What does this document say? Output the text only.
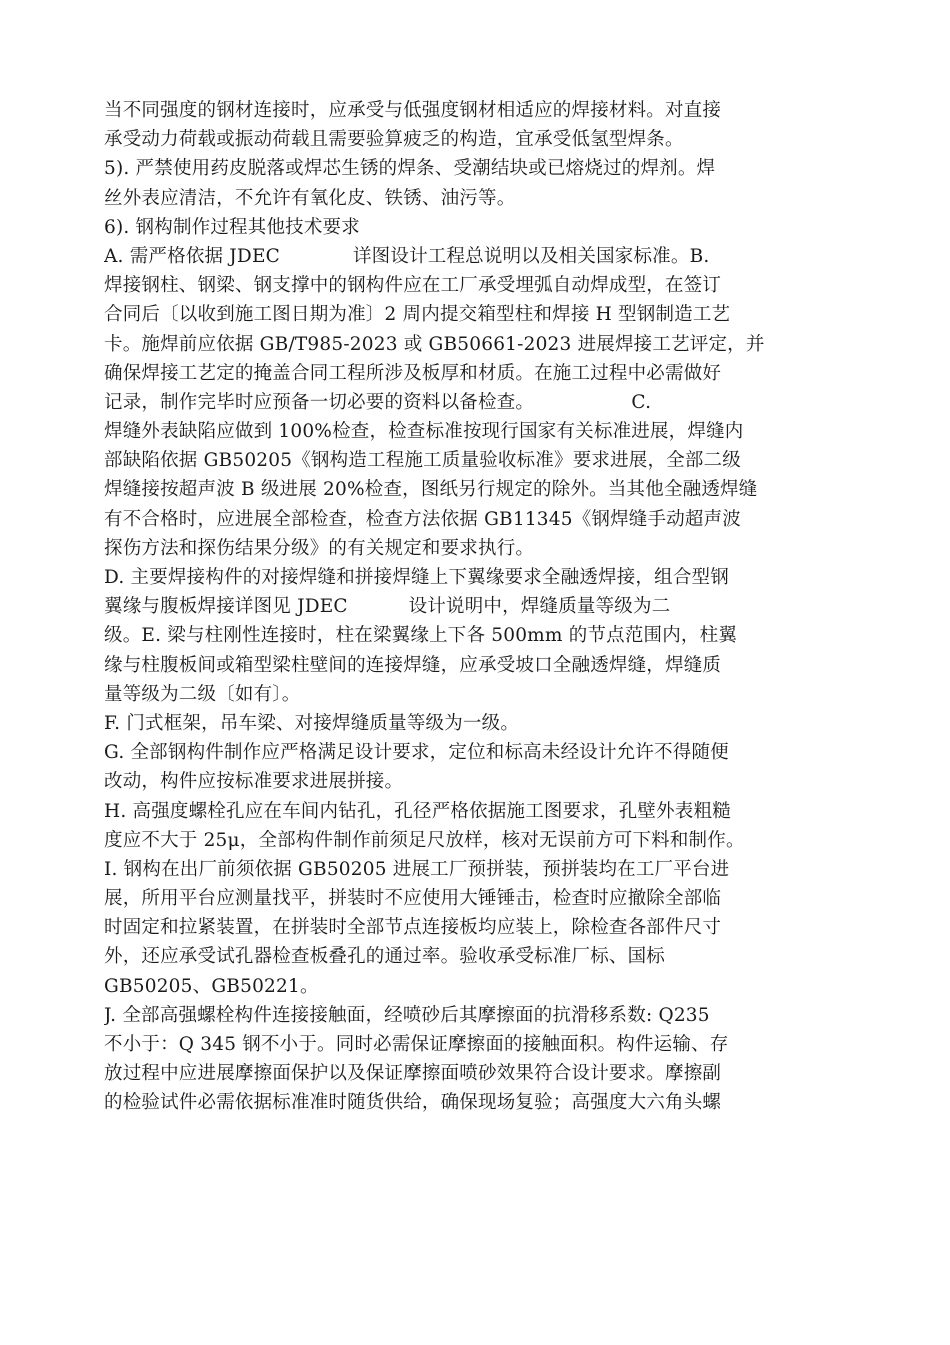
当不同强度的钢材连接时，应承受与低强度钢材相适应的焊接材料。对直接
承受动力荷载或振动荷载且需要验算疲乏的构造，宜承受低氢型焊条。
5). 严禁使用药皮脱落或焊芯生锈的焊条、受潮结块或已熔烧过的焊剂。焊
丝外表应清洁，不允许有氧化皮、铁锈、油污等。
6). 钢构制作过程其他技术要求
A. 需严格依据 JDEC            详图设计工程总说明以及相关国家标准。B.
焊接钢柱、钢梁、钢支撑中的钢构件应在工厂承受埋弧自动焊成型，在签订
合同后〔以收到施工图日期为准〕2 周内提交箱型柱和焊接 H 型钢制造工艺
卡。施焊前应依据 GB/T985-2023 或 GB50661-2023 进展焊接工艺评定，并
确保焊接工艺定的掩盖合同工程所涉及板厚和材质。在施工过程中必需做好
记录，制作完毕时应预备一切必要的资料以备检查。                C.
焊缝外表缺陷应做到 100%检查，检查标准按现行国家有关标准进展，焊缝内
部缺陷依据 GB50205《钢构造工程施工质量验收标准》要求进展，全部二级
焊缝接按超声波 B 级进展 20%检查，图纸另行规定的除外。当其他全融透焊缝
有不合格时，应进展全部检查，检查方法依据 GB11345《钢焊缝手动超声波
探伤方法和探伤结果分级》的有关规定和要求执行。
D. 主要焊接构件的对接焊缝和拼接焊缝上下翼缘要求全融透焊接，组合型钢
翼缘与腹板焊接详图见 JDEC          设计说明中，焊缝质量等级为二
级。E. 梁与柱刚性连接时，柱在梁翼缘上下各 500mm 的节点范围内，柱翼
缘与柱腹板间或箱型梁柱壁间的连接焊缝，应承受坡口全融透焊缝，焊缝质
量等级为二级〔如有〕。
F. 门式框架，吊车梁、对接焊缝质量等级为一级。
G. 全部钢构件制作应严格满足设计要求，定位和标高未经设计允许不得随便
改动，构件应按标准要求进展拼接。
H. 高强度螺栓孔应在车间内钻孔，孔径严格依据施工图要求，孔壁外表粗糙
度应不大于 25μ，全部构件制作前须足尺放样，核对无误前方可下料和制作。
I. 钢构在出厂前须依据 GB50205 进展工厂预拼装，预拼装均在工厂平台进
展，所用平台应测量找平，拼装时不应使用大锤锤击，检查时应撤除全部临
时固定和拉紧装置，在拼装时全部节点连接板均应装上，除检查各部件尺寸
外，还应承受试孔器检查板叠孔的通过率。验收承受标准厂标、国标
GB50205、GB50221。
J. 全部高强螺栓构件连接接触面，经喷砂后其摩擦面的抗滑移系数: Q235
不小于：Q 345 钢不小于。同时必需保证摩擦面的接触面积。构件运输、存
放过程中应进展摩擦面保护以及保证摩擦面喷砂效果符合设计要求。摩擦副
的检验试件必需依据标准准时随货供给，确保现场复验；高强度大六角头螺
